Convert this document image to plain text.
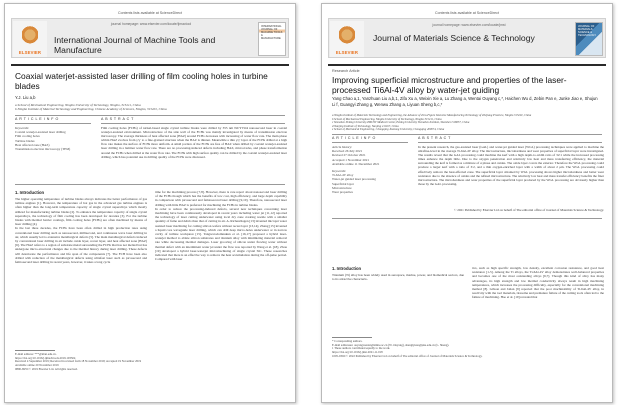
Contents lists available at ScienceDirect
ELSEVIER
journal homepage: www.elsevier.com/locate/ijmactool
International Journal of Machine Tools and Manufacture
INTERNATIONAL JOURNAL OF MACHINE TOOLS & MANUFACTURE
Coaxial waterjet-assisted laser drilling of film cooling holes in turbine blades
Y.J. Liu a,b
a School of Mechanical Engineering, Ningbo University of Technology, Ningbo, 315211, China
b Ningbo Institute of Material Technology and Engineering, Chinese Academy of Sciences, Ningbo, 315201, China
A R T I C L E I N F O	A B S T R A C T
Keywords:
Coaxial waterjet-assisted laser drilling
Film cooling holes
Turbine blades
Heat affected zone (HAZ)
Transmission electron microscopy (TEM)
Film cooling holes (FCHs) of nickel-based single crystal turbine blades were drilled by 355 nm Nd:YVO4 nanosecond laser in coaxial waterjet-assisted environment. Microstructure of the side wall of the FCHs was mainly investigated by means of transmission electron microscopy. The average thickness of heat affected zone (HAZ) around FCHs decreases with increasing of water flow rate. The main phase within HAZ evolves from γ/γ′ to a fine-grained structure when the HAZ is thinner. Meanwhile a thin γ/γ′ layer of the FCHs drilled at a high flow rate makes the surface of FCHs more uniform. A small portion of the FCHs are free of HAZ when drilled by coaxial waterjet-assisted laser drilling in a laminar water flow rate. There are no processing-induced defects including HAZ, microcracks, and phase transformation around the FCHs when drilled at the water flow rate. The FCHs with high surface quality can be drilled by the coaxial waterjet-assisted laser drilling, which has potential use in drilling quality of the FCHs were discussed.
1. Introduction
The higher operating temperature of turbine blades always indicates the better performance of gas turbine engines [1]. However, the temperature of hot gas in the advanced gas turbine engines is often higher than the long-term temperature capacity of single crystal superalloys which mostly utilized for manufacturing turbine blades [2]. To enhance the temperature capacity of single crystal superalloys, the technology of film cooling has been developed for decades [3]. For the turbine blades with thermal barrier coatings, film cooling holes (FCHs) are often machined by means of laser drilling [4].
In the last three decades, the FCHs have been often drilled in high production rates using conventional laser drilling such as nanosecond, millisecond, and continuous wave laser drilling in air, which usually led to extensive metallurgical defects [5]. The main metallurgical defects induced by conventional laser drilling in air include oxide layer, recast layer, and heat affected zone (HAZ) [6]. The HAZ refers to a region of substrate metal surrounding the FCHs that has not melted but has undergone micro-structural changes due to the thermal history during laser drilling. These defects will deteriorate the performance and life span of the components [7]. The FCH have been also drilled with reduction of the metallurgical defects using ultrafast laser such as picosecond and femtosecond laser drilling in recent years, however, it takes a long cycle
time for the machining process [7,8]. However, there is rare report about nanosecond laser drilling of the FCHs though which has the benefits of low cost, high efficiency, and large depth capability in comparison with picosecond and femtosecond laser drilling [9,10]. Therefore, nanosecond laser drilling with little HAZ is preferred for machining the FCHs in turbine blades.
In order to reduce the processing-induced defects, several new techniques concerning laser machining have been continuously developed in recent years including water jet [11,12] reported the technology of laser cutting underwater using local dry zone creating nozzle with a smaller quantity of fume and debris than that of cutting in air. A. Richerzhagen [13] invented microjet water assisted laser machining for cutting silicon wafers without recast layer [13,14]. Zhang [15] invented a liquid core waveguide laser drilling, which can drill deep micro-holes underwater or in narrow cavity of turbine workpiece [15]. Tangwarodomnukun et al. [16,17] proposed a hybrid laser-waterjet method to ablate silicon substrates and titanium alloy with minimizing material removal rate while decreasing thermal damages. Laser grooving of silicon under flowing water without thermal defect with an intermittent water jet under the flow was reported by Wang et al. [18]. Zhou [19] developed a hybrid laser-waterjet micromachining of single crystal SiC. These researches indicated that there is an effective way to remove the heat accumulation during the off-pulse period. Compared with laser
E-mail address: ***@nbut.edu.cn.
https://doi.org/10.1016/j.ijmachtools.2019.103504
Received 4 September 2019; Received in revised form 18 November 2019; Accepted 19 November 2019
Available online 20 November 2019
0890-6955/© 2019 Elsevier Ltd. All rights reserved.
Contents lists available at ScienceDirect
ELSEVIER
journal homepage: www.elsevier.com/locate/jmst
Journal of Materials Science & Technology
JOURNAL OF MATERIALS SCIENCE & TECHNOLOGY
Research Article
Improving superficial microstructure and properties of the laser-processed Ti6Al-4V alloy by water-jet guiding
Yang Chao a,1, Yanzhuan Liu a,b,1, Zifa Xu a, Weixin Xie a, Lu Zhang a, Wentai Ouyang c,*, Haichen Wu d, Zebin Pan e, Junke Jiao e, Shujun Li f, Guangyi Zhang g, Wenwu Zhang a, Liyuan Sheng b,c,*
a Ningbo Institute of Materials Technology and Engineering, the Advance of Zero-Figure Intensive Manufacturing Technology of Zhejiang Province, Ningbo 315201, China
b School of Mechanical Engineering, Ningbo University of Technology, Ningbo 315211, China
c Shenzhen Peking University-HKUST Medical Center, Peking University Shenzhen Institute, Shenzhen 518057, China
d Nanjing Institute of Technology, Nanjing 211167, China
e School of Mechanical Engineering, Chongqing Jiaotong University, Chongqing 400074, China
A R T I C L E I N F O	A B S T R A C T
Article history:
Received 26 July 2021
Revised 27 October 2021
Accepted 1 November 2021
Available online 11 December 2021
Keywords:
Ti-6Al-4V alloy
Water-jet guided laser processing
Superficial layer
Microstructure
Wear properties
In the present research, the gas-assisted laser (GAL) and water-jet guided laser (WGL) processing techniques were applied to machine the ultrafine-level in the average Ti-6Al-4V alloy. The microstructure, microhardness and wear properties of superficial layer were investigated. The results reveal that the GAL processing could machine the kerf with a high depth-to-width ratio of 32:1 while the increased processing times enhance the depth little. Due to the oxygen penetration and relatively low heat and mass transferring efficiency, the material surrounding the kerf is formed as a mixture of α phase and oxides. The oxide layer covers the exterior. Therefore the WGL processing could produce a larger kerf with a ratio of 3:2, and a thin oxygen-enriched layer with a width of about 2 μm. The WGL processing could effectively remove the heat-affected zone. The superficial layer obtained by WGL processing shows higher microhardness and better wear resistance due to the absence of oxides and the refined microstructure. The relatively low heat and mass transfer efficiency benefits the finer microstructure. The microhardness and wear properties of the superficial layer produced by the WGL processing are obviously higher than those by the GAL processing.
© 2021 Published by Elsevier Ltd on behalf of The editorial office of Journal of Materials Science & Technology.
1. Introduction
Titanium (Ti) alloy has been widely used in aerospace, marine, power, and biomedical sectors, due to its attractive characteris-
tics, such as high specific strength, low density, excellent corrosion resistance, and good heat resistance [1-5]. Among the Ti alloys, the Ti-6Al-4V alloy demonstrates well-balanced properties and becomes one of the most outstanding alloys [6,7]. Though this kind of alloy has many advantages, its high strength and low thermal conductivity always result in high machining temperatures, which increases the processing difficulty, especially for the conventional machining method [8]. Gibson and Jahan [9] reported that the poor machinability of Ti-6Al-4V alloy, in reactivity with the tool materials, tiresome and premature failure of the cutting tools often led to the failure of machining. Hao et al. [10] revealed that
* Corresponding authors.
E-mail addresses: ouyangwentai@nimte.ac.cn (W. Ouyang), shenglyuan@pku.edu.cn (L. Sheng).
1 These authors contributed equally to the work.
https://doi.org/10.1016/j.jmst.2021.11.018
1005-0302/© 2022 Published by Elsevier Ltd on behalf of The editorial office of Journal of Materials Science & Technology.
